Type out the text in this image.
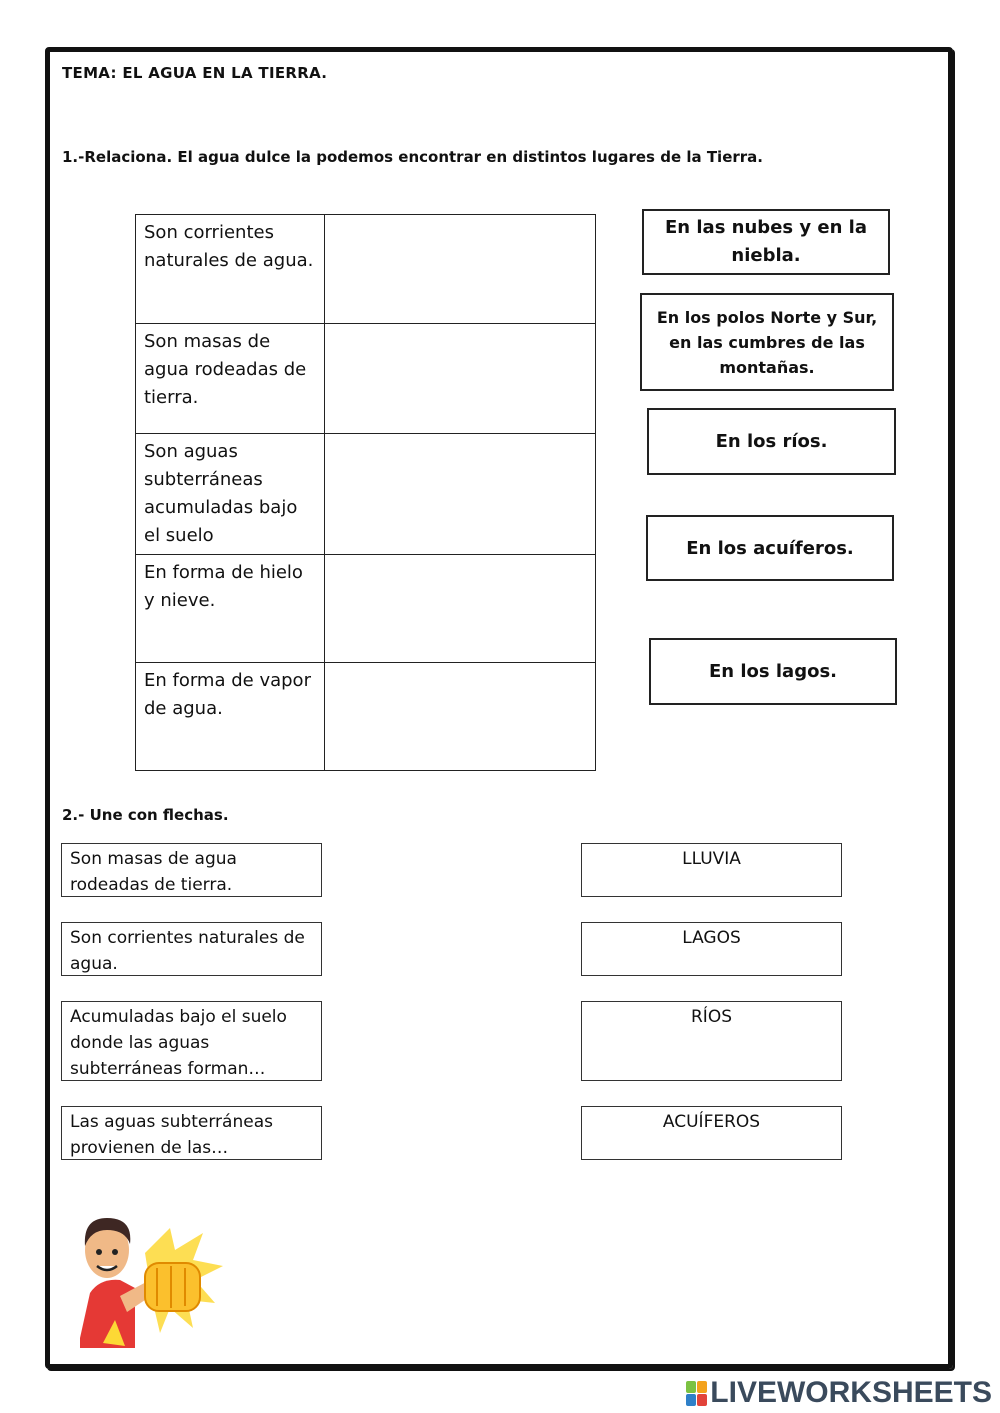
TEMA: EL AGUA EN LA TIERRA.
1.-Relaciona. El agua dulce la podemos encontrar en distintos lugares de la Tierra.
Son corrientes naturales de agua.	
Son masas de agua rodeadas de tierra.	
Son aguas subterráneas acumuladas bajo el suelo	
En forma de hielo y nieve.	
En forma de vapor de agua.	
En las nubes y en la niebla.
En los polos Norte y Sur, en las cumbres de las montañas.
En los ríos.
En los acuíferos.
En los lagos.
2.- Une con flechas.
Son masas de agua rodeadas de tierra.
Son corrientes naturales de agua.
Acumuladas bajo el suelo donde las aguas subterráneas forman…
Las aguas subterráneas provienen de las…
LLUVIA
LAGOS
RÍOS
ACUÍFEROS
LIVEWORKSHEETS
